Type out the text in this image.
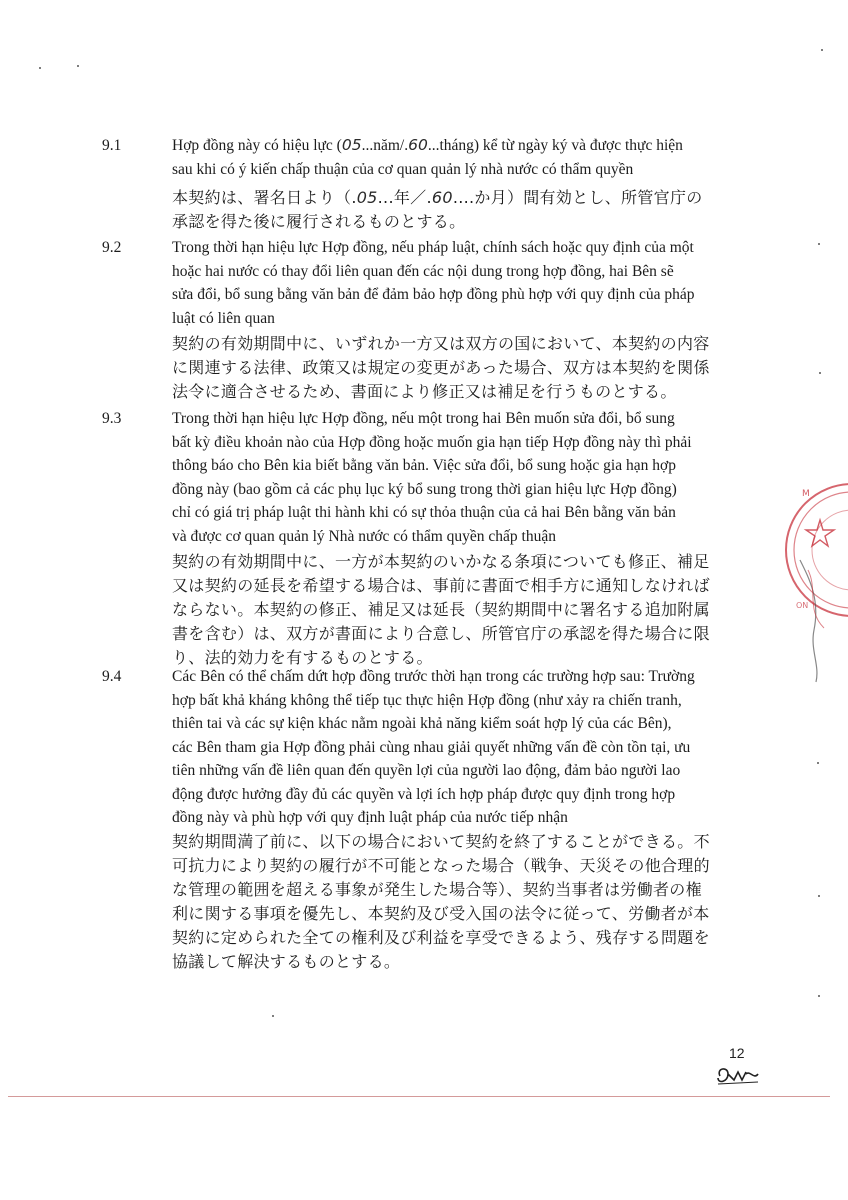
9.1	Hợp đồng này có hiệu lực (05...năm/.60...tháng) kể từ ngày ký và được thực hiện
sau khi có ý kiến chấp thuận của cơ quan quản lý nhà nước có thẩm quyền
本契約は、署名日より（.05...年／.60....か月）間有効とし、所管官庁の
承認を得た後に履行されるものとする。
9.2	Trong thời hạn hiệu lực Hợp đồng, nếu pháp luật, chính sách hoặc quy định của một
hoặc hai nước có thay đổi liên quan đến các nội dung trong hợp đồng, hai Bên sẽ
sửa đổi, bổ sung bằng văn bản để đảm bảo hợp đồng phù hợp với quy định của pháp
luật có liên quan
契約の有効期間中に、いずれか一方又は双方の国において、本契約の内容
に関連する法律、政策又は規定の変更があった場合、双方は本契約を関係
法令に適合させるため、書面により修正又は補足を行うものとする。
9.3	Trong thời hạn hiệu lực Hợp đồng, nếu một trong hai Bên muốn sửa đổi, bổ sung
bất kỳ điều khoản nào của Hợp đồng hoặc muốn gia hạn tiếp Hợp đồng này thì phải
thông báo cho Bên kia biết bằng văn bản. Việc sửa đổi, bổ sung hoặc gia hạn hợp
đồng này (bao gồm cả các phụ lục ký bổ sung trong thời gian hiệu lực Hợp đồng)
chỉ có giá trị pháp luật thi hành khi có sự thỏa thuận của cả hai Bên bằng văn bản
và được cơ quan quản lý Nhà nước có thẩm quyền chấp thuận
契約の有効期間中に、一方が本契約のいかなる条項についても修正、補足
又は契約の延長を希望する場合は、事前に書面で相手方に通知しなければ
ならない。本契約の修正、補足又は延長（契約期間中に署名する追加附属
書を含む）は、双方が書面により合意し、所管官庁の承認を得た場合に限
り、法的効力を有するものとする。
9.4	Các Bên có thể chấm dứt hợp đồng trước thời hạn trong các trường hợp sau: Trường
hợp bất khả kháng không thể tiếp tục thực hiện Hợp đồng (như xảy ra chiến tranh,
thiên tai và các sự kiện khác nằm ngoài khả năng kiểm soát hợp lý của các Bên),
các Bên tham gia Hợp đồng phải cùng nhau giải quyết những vấn đề còn tồn tại, ưu
tiên những vấn đề liên quan đến quyền lợi của người lao động, đảm bảo người lao
động được hưởng đầy đủ các quyền và lợi ích hợp pháp được quy định trong hợp
đồng này và phù hợp với quy định luật pháp của nước tiếp nhận
契約期間満了前に、以下の場合において契約を終了することができる。不
可抗力により契約の履行が不可能となった場合（戦争、天災その他合理的
な管理の範囲を超える事象が発生した場合等）、契約当事者は労働者の権
利に関する事項を優先し、本契約及び受入国の法令に従って、労働者が本
契約に定められた全ての権利及び利益を享受できるよう、残存する問題を
協議して解決するものとする。
M
ON
12
